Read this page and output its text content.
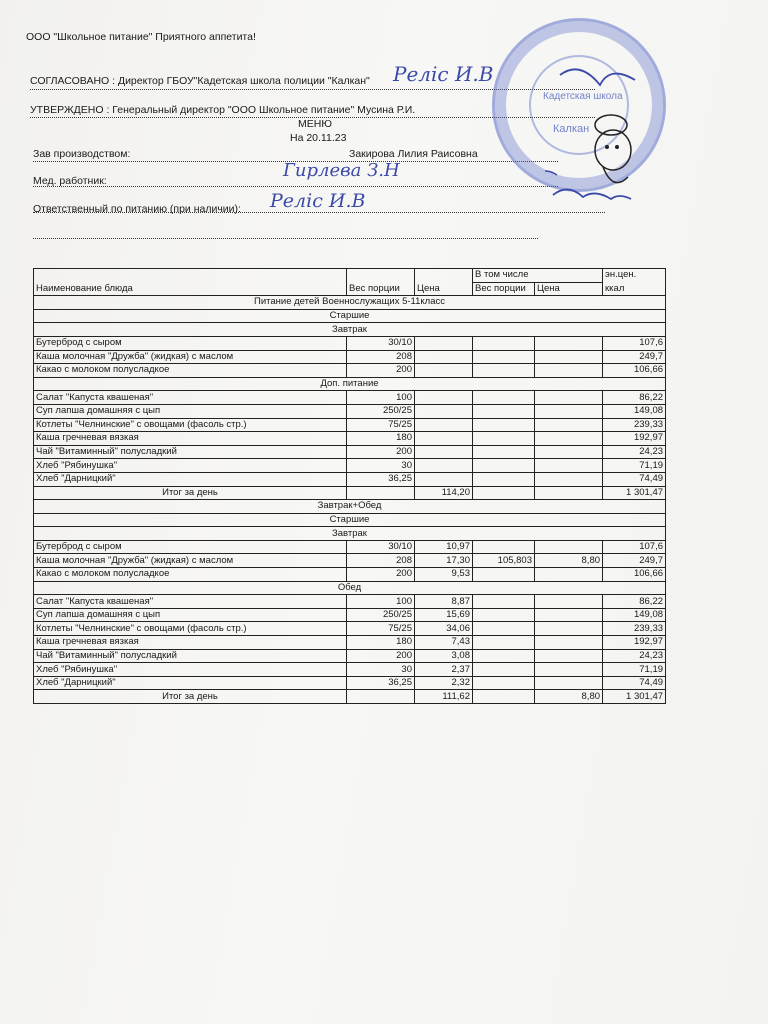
ООО "Школьное питание" Приятного аппетита!
СОГЛАСОВАНО : Директор ГБОУ"Кадетская школа полиции "Калкан" Pеліс И.В
УТВЕРЖДЕНО : Генеральный директор "ООО Школьное питание" Мусина Р.И.
МЕНЮ
На 20.11.23
Зав производством:	Закирова Лилия Раисовна
Мед. работник:	Гирлева З.Н
Ответственный по питанию (при наличии): Pеліс И.В
Кадетская школа
Калкан
Наименование блюда	Вес порции	Цена	В том числе		эн.цен.
			Вес порции	Цена	ккал
Питание детей Военнослужащих 5-11класс					
Старшие					
Завтрак					
Бутерброд с сыром	30/10				107,6
Каша молочная "Дружба" (жидкая) с маслом	208				249,7
Какао с молоком полусладкое	200				106,66
Доп. питание					
Салат "Капуста квашеная"	100				86,22
Суп лапша домашняя с цып	250/25				149,08
Котлеты "Челнинские" с овощами (фасоль стр.)	75/25				239,33
Каша гречневая вязкая	180				192,97
Чай "Витаминный" полусладкий	200				24,23
Хлеб "Рябинушка"	30				71,19
Хлеб "Дарницкий"	36,25				74,49
Итог за день		114,20			1 301,47
Завтрак+Обед					
Старшие					
Завтрак					
Бутерброд с сыром	30/10	10,97			107,6
Каша молочная "Дружба" (жидкая) с маслом	208	17,30	105,803	8,80	249,7
Какао с молоком полусладкое	200	9,53			106,66
Обед					
Салат "Капуста квашеная"	100	8,87			86,22
Суп лапша домашняя с цып	250/25	15,69			149,08
Котлеты "Челнинские" с овощами (фасоль стр.)	75/25	34,06			239,33
Каша гречневая вязкая	180	7,43			192,97
Чай "Витаминный" полусладкий	200	3,08			24,23
Хлеб "Рябинушка"	30	2,37			71,19
Хлеб "Дарницкий"	36,25	2,32			74,49
Итог за день		111,62		8,80	1 301,47
